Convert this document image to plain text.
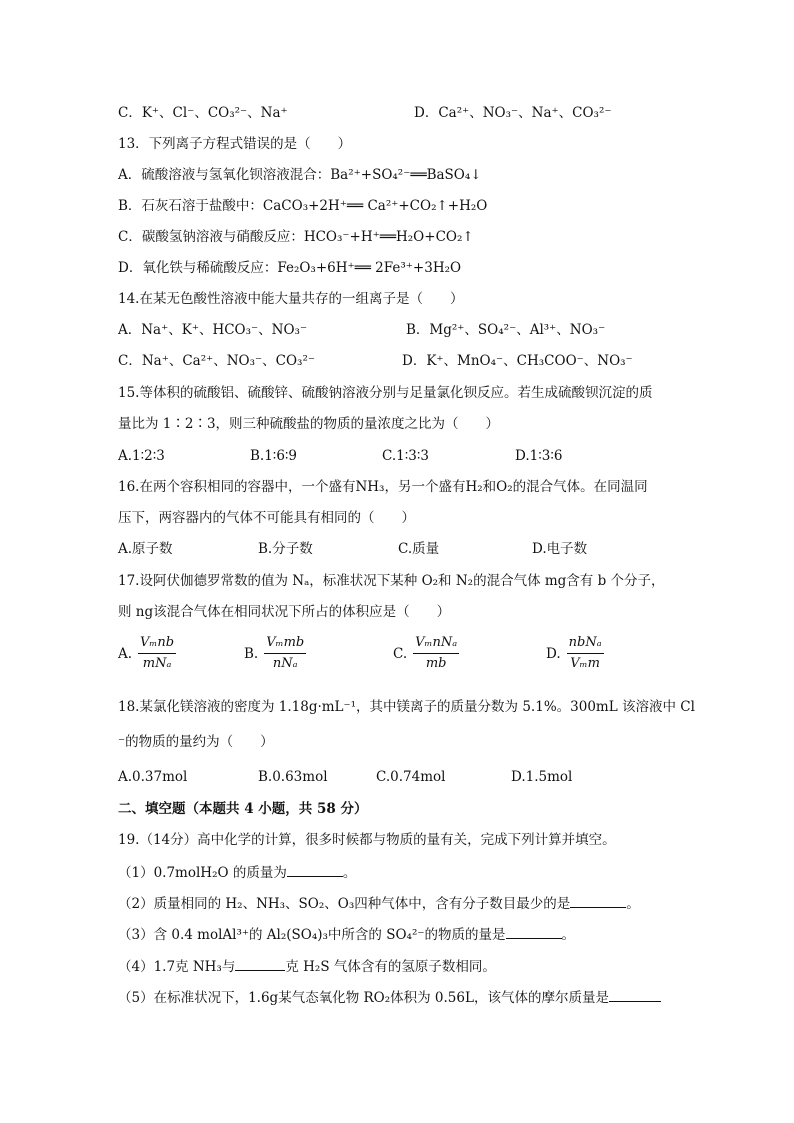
C．K⁺、Cl⁻、CO₃²⁻、Na⁺	D．Ca²⁺、NO₃⁻、Na⁺、CO₃²⁻
13．下列离子方程式错误的是（　　）
A．硫酸溶液与氢氧化钡溶液混合：Ba²⁺+SO₄²⁻══BaSO₄↓
B．石灰石溶于盐酸中：CaCO₃+2H⁺══ Ca²⁺+CO₂↑+H₂O
C．碳酸氢钠溶液与硝酸反应：HCO₃⁻+H⁺══H₂O+CO₂↑
D．氧化铁与稀硫酸反应：Fe₂O₃+6H⁺══ 2Fe³⁺+3H₂O
14.在某无色酸性溶液中能大量共存的一组离子是（　　）
A．Na⁺、K⁺、HCO₃⁻、NO₃⁻	B．Mg²⁺、SO₄²⁻、Al³⁺、NO₃⁻
C．Na⁺、Ca²⁺、NO₃⁻、CO₃²⁻	D．K⁺、MnO₄⁻、CH₃COO⁻、NO₃⁻
15.等体积的硫酸铝、硫酸锌、硫酸钠溶液分别与足量氯化钡反应。若生成硫酸钡沉淀的质
量比为 1∶2∶3，则三种硫酸盐的物质的量浓度之比为（　　）
A.1∶2∶3	B.1∶6∶9	C.1∶3∶3	D.1∶3∶6
16.在两个容积相同的容器中，一个盛有NH₃，另一个盛有H₂和O₂的混合气体。在同温同
压下，两容器内的气体不可能具有相同的（　　）
A.原子数	B.分子数	C.质量	D.电子数
17.设阿伏伽德罗常数的值为 Nₐ，标准状况下某种 O₂和 N₂的混合气体 mg含有 b 个分子，
则 ng该混合气体在相同状况下所占的体积应是（　　）
A. $\frac{\text{Vₘnb}}{\text{mNₐ}}$	B. $\frac{\text{Vₘmb}}{\text{nNₐ}}$	C. $\frac{\text{VₘnNₐ}}{mb}$	D. $\frac{\text{nbNₐ}}{\text{Vₘm}}$
18.某氯化镁溶液的密度为 1.18g·mL⁻¹，其中镁离子的质量分数为 5.1%。300mL 该溶液中 Cl
⁻的物质的量约为（　　）
A.0.37mol	B.0.63mol	C.0.74mol	D.1.5mol
二、填空题（本题共 4 小题，共 58 分）
19.（14分）高中化学的计算，很多时候都与物质的量有关，完成下列计算并填空。
（1）0.7molH₂O 的质量为	。
（2）质量相同的 H₂、NH₃、SO₂、O₃四种气体中，含有分子数目最少的是	。
（3）含 0.4 molAl³⁺的 Al₂(SO₄)₃中所含的 SO₄²⁻的物质的量是	。
（4）1.7克 NH₃与	克 H₂S 气体含有的氢原子数相同。
（5）在标准状况下，1.6g某气态氧化物 RO₂体积为 0.56L，该气体的摩尔质量是
